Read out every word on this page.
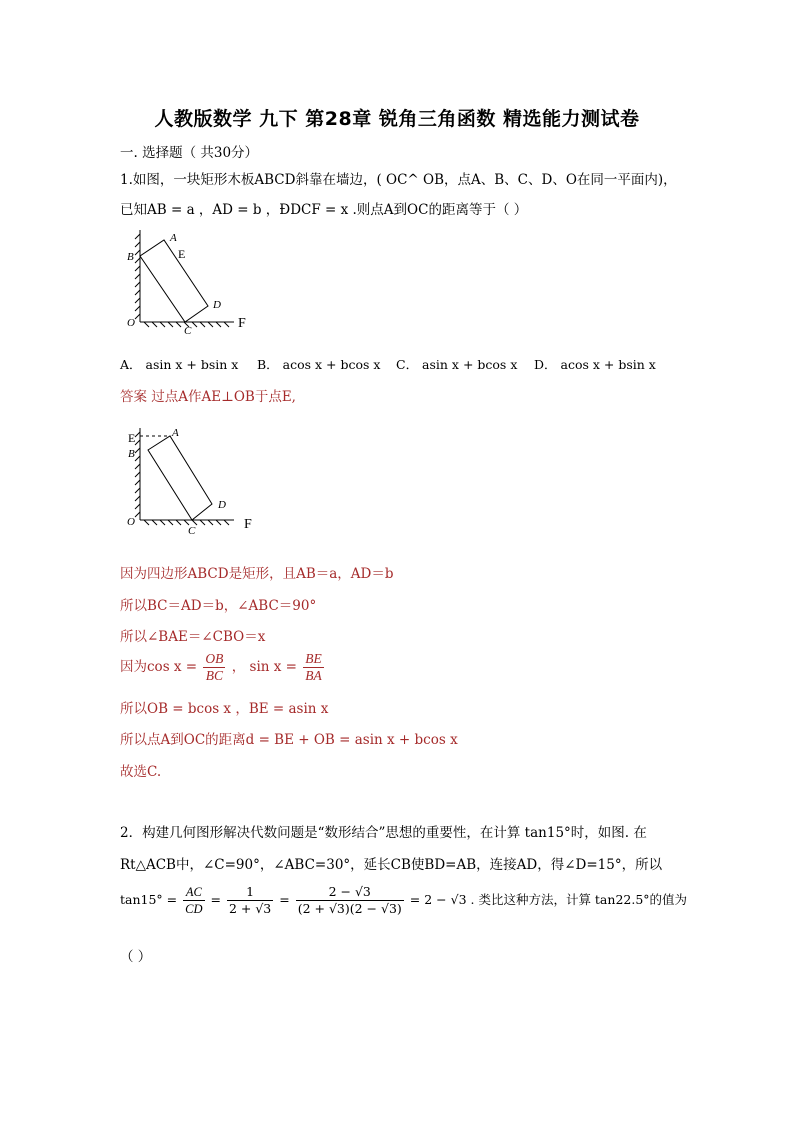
人教版数学 九下 第28章 锐角三角函数 精选能力测试卷
一. 选择题（ 共30分）
1.如图，一块矩形木板ABCD斜靠在墙边，( OC^ OB，点A、B、C、D、O在同一平面内)，
已知AB = a ，AD = b ，ÐDCF = x .则点A到OC的距离等于（ ）
A
E
B
D
C
O	F
A． asin x + bsin x B． acos x + bcos x C． asin x + bcos x D． acos x + bsin x
答案 过点A作AE⊥OB于点E,
A
E
B
D
C
O	F
因为四边形ABCD是矩形，且AB＝a，AD＝b
所以BC＝AD＝b，∠ABC＝90°
所以∠BAE＝∠CBO＝x
因为$\cos x = \frac{OB}{BC}$ ， $\sin x = \frac{BE}{BA}$
所以OB = bcos x ，BE = asin x
所以点A到OC的距离d = BE + OB = asin x + bcos x
故选C.
2．构建几何图形解决代数问题是“数形结合”思想的重要性，在计算 tan15°时，如图. 在
Rt△ACB中，∠C=90°，∠ABC=30°，延长CB使BD=AB，连接AD，得∠D=15°，所以
$\tan 15^\circ = \frac{AC}{CD} = \frac{1}{2 + √3} = \frac{2 - √3}{(2 + √3)(2 - √3)} = 2 - √3$ . 类比这种方法，计算 tan22.5°的值为
（ ）
